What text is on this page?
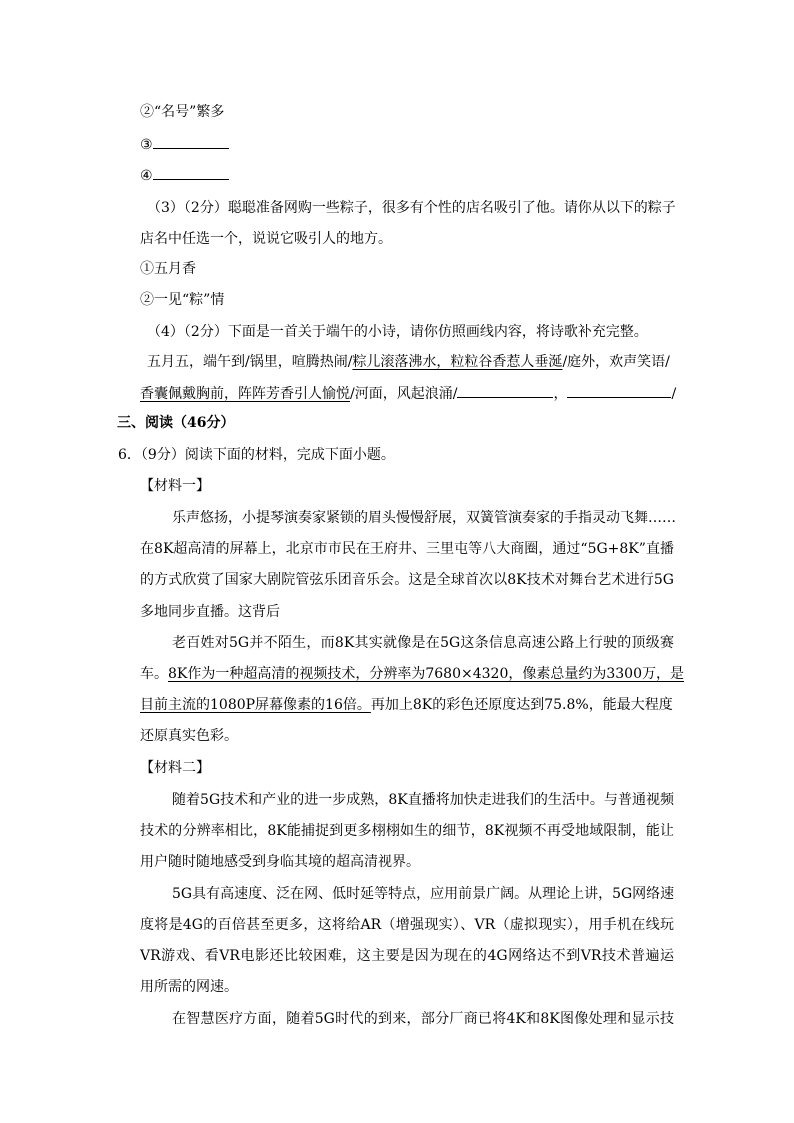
②“名号”繁多
③
④
（3）（2分）聪聪准备网购一些粽子，很多有个性的店名吸引了他。请你从以下的粽子
店名中任选一个，说说它吸引人的地方。
①五月香
②一见“粽”情
（4）（2分）下面是一首关于端午的小诗，请你仿照画线内容，将诗歌补充完整。
五月五，端午到/锅里，喧腾热闹/粽儿滚落沸水，粒粒谷香惹人垂涎/庭外，欢声笑语/
香囊佩戴胸前，阵阵芳香引人愉悦/河面，风起浪涌/	，	/
三、阅读（46分）
6．（9分）阅读下面的材料，完成下面小题。
【材料一】
乐声悠扬，小提琴演奏家紧锁的眉头慢慢舒展，双簧管演奏家的手指灵动飞舞……
在8K超高清的屏幕上，北京市市民在王府井、三里屯等八大商圈，通过“5G+8K”直播
的方式欣赏了国家大剧院管弦乐团音乐会。这是全球首次以8K技术对舞台艺术进行5G
多地同步直播。这背后
老百姓对5G并不陌生，而8K其实就像是在5G这条信息高速公路上行驶的顶级赛
车。8K作为一种超高清的视频技术，分辨率为7680×4320，像素总量约为3300万，是
目前主流的1080P屏幕像素的16倍。再加上8K的彩色还原度达到75.8%，能最大程度
还原真实色彩。
【材料二】
随着5G技术和产业的进一步成熟，8K直播将加快走进我们的生活中。与普通视频
技术的分辨率相比，8K能捕捉到更多栩栩如生的细节，8K视频不再受地域限制，能让
用户随时随地感受到身临其境的超高清视界。
5G具有高速度、泛在网、低时延等特点，应用前景广阔。从理论上讲，5G网络速
度将是4G的百倍甚至更多，这将给AR（增强现实）、VR（虚拟现实），用手机在线玩
VR游戏、看VR电影还比较困难，这主要是因为现在的4G网络达不到VR技术普遍运
用所需的网速。
在智慧医疗方面，随着5G时代的到来，部分厂商已将4K和8K图像处理和显示技
